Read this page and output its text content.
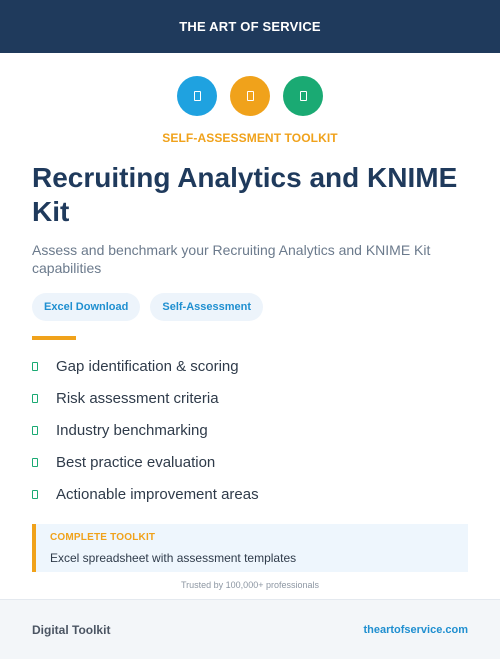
THE ART OF SERVICE
SELF-ASSESSMENT TOOLKIT
Recruiting Analytics and KNIME Kit

Assess and benchmark your Recruiting Analytics and KNIME Kit capabilities

Excel Download	Self-Assessment
Gap identification & scoring
Risk assessment criteria
Industry benchmarking
Best practice evaluation
Actionable improvement areas
COMPLETE TOOLKIT
Excel spreadsheet with assessment templates
Trusted by 100,000+ professionals
Digital Toolkit	theartofservice.com
